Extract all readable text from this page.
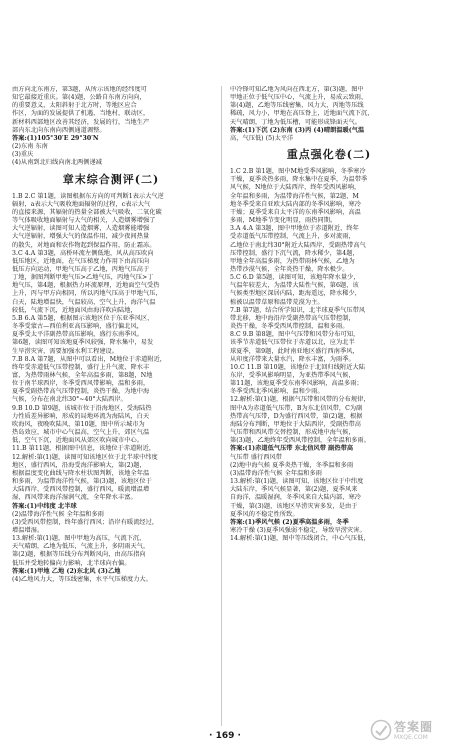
由方向北东南方，第3题，从所示该地的经纬度可
知它最接近重庆。第(4)题，公路自东南方向向，
的重要意义，太阳斜射于北方时，等地区应合
作区，为面的发展提供了机遇，当地村，联动区，
新材料西部地区改善其经济，发展的行，当地生产
部内东北向东南向西侧通道调整。
答案:(1)105°30′E 29°30′N
(2)东南 东南
(3)重庆
(4)从南到北归线向南北两侧递减
章末综合测评(二)
1.B 2.C 第1题，读图根据东方向的可判断1表示大气逆
辐射，a表示大气吸收地面辐射的过程，c表示大气
的直接来源，其辐射的热量全部被大气吸收，二氧化碳
等气体吸收地面辐射与大气的相关，人造烟雾增强了
大气逆辐射，读图可知人造烟雾，人造烟雾能增强
大气逆辐射，增强大气的保温作用，减少夜间热量
的散失，对地面和农作物起到保温作用，防止霜冻。
3.C 4.A 第3题，高桥环流左侧低地，风从高压吹向
低压地区，近地面，在气压梯度力作用下由高压向
低压方向运动，甲地气压高于乙地，丙地气压高于
丁地，据图判断甲地气压>乙地气压，丙地气压>丁
地气压，第4题，根据热力环流原理，近地面空气受热
上升，丙与甲方向相同，所以丙地气压高于甲地气压，
白天，陆地增温快，气温较高，空气上升，海洋气温
较低，气流下沉，近地面风由海洋吹向陆地，
5.B 6.A 第5题，根据图示该地区位于东亚季风区，
冬季受蒙古—西伯利亚高压影响，盛行偏北风，
夏季受太平洋副热带高压影响，盛行东南季风。
第6题，读图可知该地夏季风较强，降水集中，易发
生旱涝灾害，需要加强水利工程建设。
7.B 8.A 第7题，从图中可以看出，M地位于赤道附近，
终年受赤道低气压带控制，盛行上升气流，降水丰
富，为热带雨林气候，全年高温多雨，第8题，N地
位于南半球西岸，冬季受西风带影响，温和多雨，
夏季受副热带高气压带控制，炎热干燥，为地中海
气候，分布在南北纬30°~40°大陆西岸。
9.B 10.D 第9题，该城市位于沿海地区，受海陆热
力性质差异影响，形成的局地环流为海陆风，白天
吹海风，夜晚吹陆风，第10题，图中所示城市为
热岛效应，城市中心气温高，空气上升，郊区气温
低，空气下沉，近地面风从郊区吹向城市中心。
11.B 第11题，根据图中信息，该地位于赤道附近，
12.解析:第(1)题，读图可知该地区位于北半球中纬度
地区，盛行西风，沿海受海洋影响大，第(2)题，
根据温度变化曲线与降水柱状图判断，该地全年温
和多雨，为温带海洋性气候，第(3)题，该地区位于
大陆西岸，受西风带控制，盛行西风，暖流增温增
湿，西风带来海洋湿润气流，全年降水丰富。
答案:(1)中纬度 北半球
(2)温带海洋性气候 全年温和多雨
(3)受西风带控制，终年盛行西风；沿岸有暖流经过，
增温增湿。
13.解析:第(1)题，图中甲地为高压，气流下沉，
天气晴朗，乙地为低压，气流上升，多阴雨天气，
第(2)题，根据等压线分布判断风向，由高压指向
低压并受地转偏向力影响，北半球向右偏。
答案:(1)甲地 乙地 (2)东北风 (3)乙地
(4)乙地风力大，等压线密集，水平气压梯度力大。
中冷锋可知乙地为风向在西北方，第(3)题，图中
甲地正位于低气压中心，气流上升，易成云致雨，
第(4)题，乙地等压线密集，风力大，丙地等压线
稀疏，风力小，甲地在高压脊上，近地面气流下沉，
天气晴朗，丁地为低压槽，可能形成锋面天气。
答案:(1)下沉 (2)东南 (3)丙 (4)晴朗温暖(气温
高，气压低) (5)太平洋
重点强化卷(二)
1.C 2.B 第1题，图中M地受季风影响，冬季寒冷
干燥，夏季炎热多雨，降水集中在夏季，为温带季
风气候，N地位于大陆西岸，终年受西风影响，
全年温和多雨，为温带海洋性气候，第2题，M
地冬季受来自亚欧大陆内部的冬季风影响，寒冷
干燥；夏季受来自太平洋的东南季风影响，高温
多雨，M地季节变化明显，雨热同期。
3.A 4.A 第3题，图中甲地位于赤道附近，终年
受赤道低气压带控制，气流上升，多对流雨，
乙地位于南北纬30°附近大陆西岸，受副热带高气
压带控制，盛行下沉气流，降水稀少，第4题，
甲地全年高温多雨，为热带雨林气候，乙地为
热带沙漠气候，全年炎热干燥，降水极少。
5.C 6.D 第5题，读图可知，该地年降水量少，
气温年较差大，为温带大陆性气候，第6题，该
气候类型地区深居内陆，距海遥远，降水稀少，
植被以温带草原和温带荒漠为主。
7.B 第7题，结合所学知识，北半球夏季气压带风
带北移，地中海沿岸受副热带高气压带控制，
炎热干燥，冬季受西风带控制，温和多雨。
8.C 9.B 第8题，图中气压带和风带分布可知，
该季节赤道低气压带位于赤道以北，应为北半
球夏季，第9题，此时南亚地区盛行西南季风，
从印度洋带来大量水汽，降水丰富，为雨季。
10.C 11.B 第10题，该地位于北回归线附近大陆
东岸，受季风影响明显，为亚热带季风气候，
第11题，该地夏季受东南季风影响，高温多雨；
冬季受西北季风影响，温和少雨。
12.解析:第(1)题，根据气压带和风带的分布规律，
图中A为赤道低气压带，B为东北信风带，C为副
热带高气压带，D为盛行西风带，第(2)题，根据
海陆分布判断，甲地位于大陆西岸，受副热带高
气压带和西风带交替控制，形成地中海气候，
第(3)题，乙地终年受西风带控制，全年温和多雨。
答案:(1)赤道低气压带 东北信风带 副热带高
气压带 盛行西风带
(2)地中海气候 夏季炎热干燥，冬季温和多雨
(3)温带海洋性气候 全年温和多雨
13.解析:第(1)题，读图可知，该地区位于中纬度
大陆东岸，季风气候显著，第(2)题，夏季风来
自海洋，温暖湿润，冬季风来自大陆内部，寒冷
干燥，第(3)题，该地区旱涝灾害多发，是由于
夏季风的不稳定性所致。
答案:(1)季风气候 (2)夏季高温多雨，冬季
寒冷干燥 (3)夏季风强弱不稳定，导致旱涝灾害。
14.解析:第(1)题，图中等压线闭合，中心气压低，
· 169 ·
答案圈
MXQE.COM
